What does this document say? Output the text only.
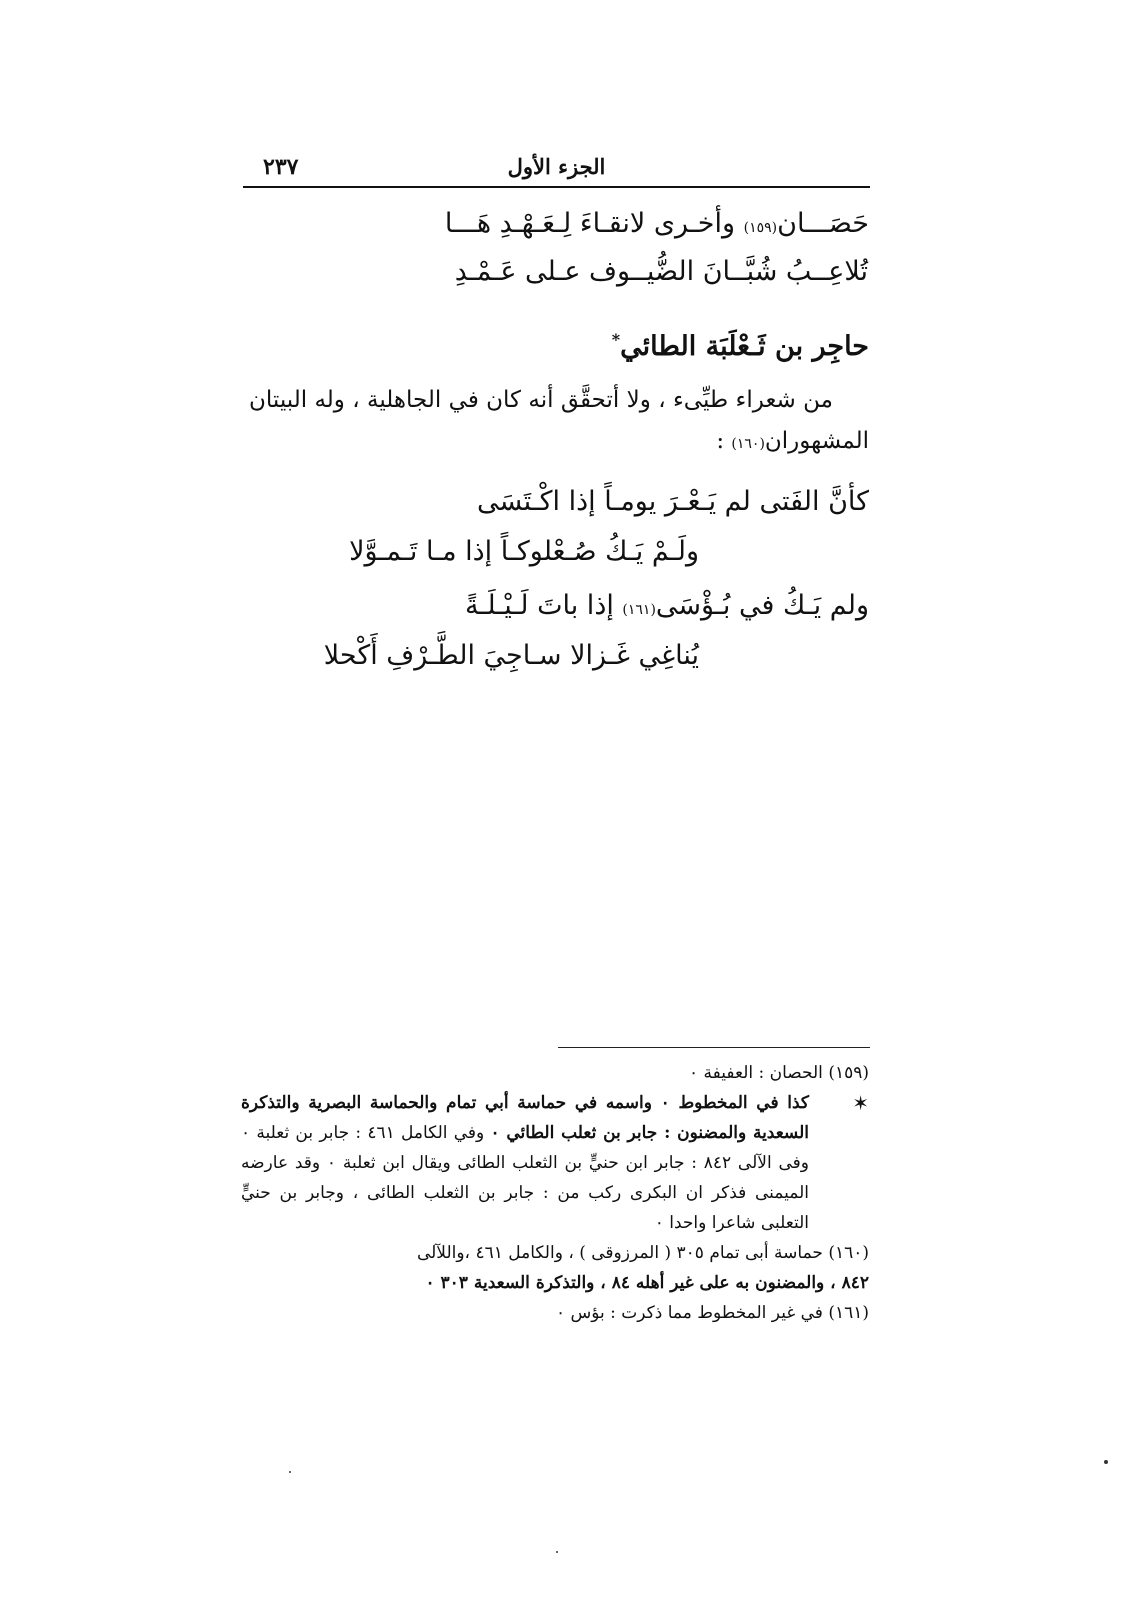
الجزء الأول
٢٣٧
حَصَـــان(١٥٩) وأخـرى لانقـاءَ لِـعَـهْـدِ هَـــا
تُلاعِــبُ شُبَّــانَ الضُّيــوف عـلى عَـمْـدِ
حاجِر بن ثَـعْلَبَة الطائي*
من شعراء طيِّىء ، ولا أتحقَّق أنه كان في الجاهلية ، وله البيتان المشهوران(١٦٠) :
كأنَّ الفَتى لم يَـعْـرَ يومـاً إذا اكْـتَسَى
ولَـمْ يَـكُ صُـعْلوكـاً إذا مـا تَـمـوَّلا
ولم يَـكُ في بُـؤْسَى(١٦١) إذا باتَ لَـيْـلَـةً
يُناغِي غَـزالا سـاجِيَ الطَّـرْفِ أَكْحلا

(١٥٩) الحصان : العفيفة ٠

✶
كذا في المخطوط ٠ واسمه في حماسة أبي تمام والحماسة البصرية والتذكرة السعدية والمضنون : جابر بن ثعلب الطائي ٠ وفي الكامل ٤٦١ : جابر بن ثعلبة ٠ وفى الآلى ٨٤٢ : جابر ابن حنيٍّ بن الثعلب الطائى ويقال ابن ثعلبة ٠ وقد عارضه الميمنى فذكر ان البكرى ركب من : جابر بن الثعلب الطائى ، وجابر بن حنيٍّ التعلبى شاعرا واحدا ٠

(١٦٠) حماسة أبى تمام ٣٠٥ ( المرزوقى ) ، والكامل ٤٦١ ،واللآلى

٨٤٢ ، والمضنون به على غير أهله ٨٤ ، والتذكرة السعدية ٣٠٣ ٠

(١٦١) في غير المخطوط مما ذكرت : بؤس ٠
